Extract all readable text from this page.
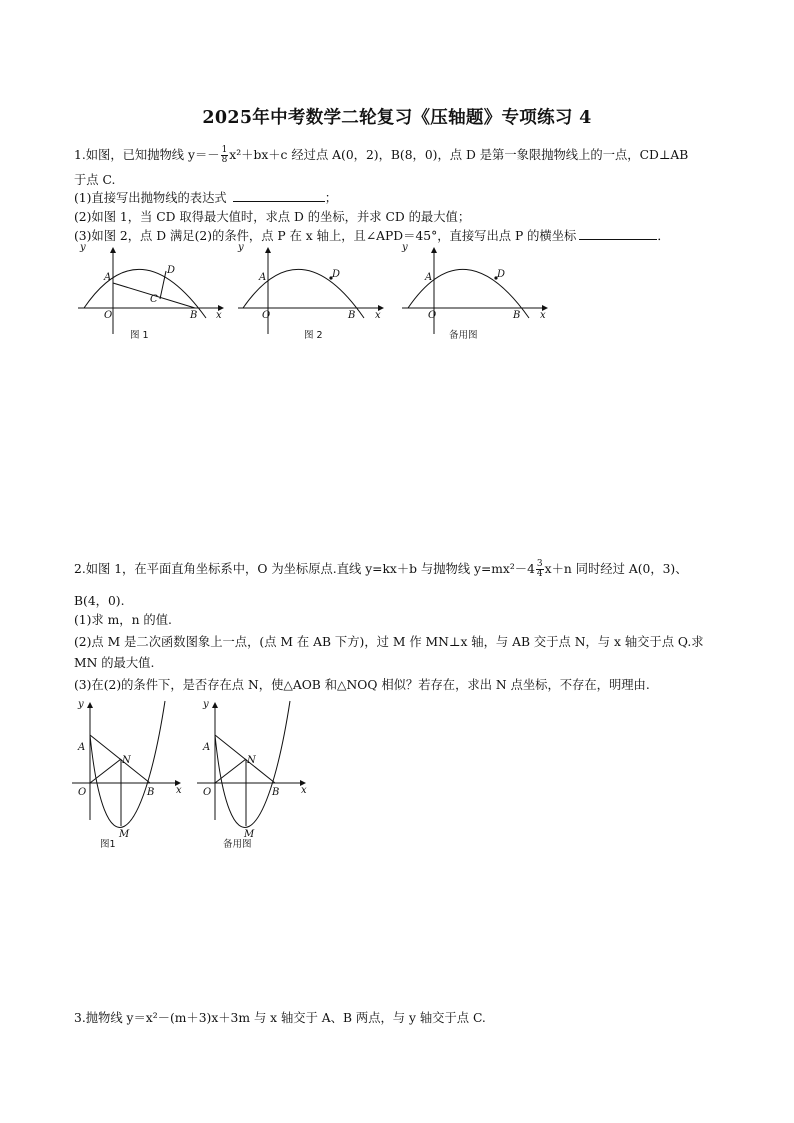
2025年中考数学二轮复习《压轴题》专项练习 4
1.如图，已知抛物线 $y=- \frac{1}{8} x^2+bx+c$ 经过点 A(0，2)，B(8，0)，点 D 是第一象限抛物线上的一点，CD⊥AB
于点 C.
(1)直接写出抛物线的表达式	；
(2)如图 1，当 CD 取得最大值时，求点 D 的坐标，并求 CD 的最大值；
(3)如图 2，点 D 满足(2)的条件，点 P 在 x 轴上，且∠APD＝45°，直接写出点 P 的横坐标	．
y
A
D
C
O	B x
图 1
y
A	D
O	B x
图 2
y
A	D
O	B x
备用图
2.如图 1，在平面直角坐标系中，O 为坐标原点.直线 y=kx＋b 与抛物线 $y=mx^2-4 \frac{3}{4} x+n$ 同时经过 A(0，3)、
B(4，0).
(1)求 m，n 的值.
(2)点 M 是二次函数图象上一点，(点 M 在 AB 下方)，过 M 作 MN⊥x 轴，与 AB 交于点 N，与 x 轴交于点 Q.求
MN 的最大值.
(3)在(2)的条件下，是否存在点 N，使△AOB 和△NOQ 相似？若存在，求出 N 点坐标，不存在，明理由.
y
A
N
O	B x
M
图1
y
A
N
O	B x
M
备用图
3.抛物线 y＝x²－(m＋3)x＋3m 与 x 轴交于 A、B 两点，与 y 轴交于点 C.
